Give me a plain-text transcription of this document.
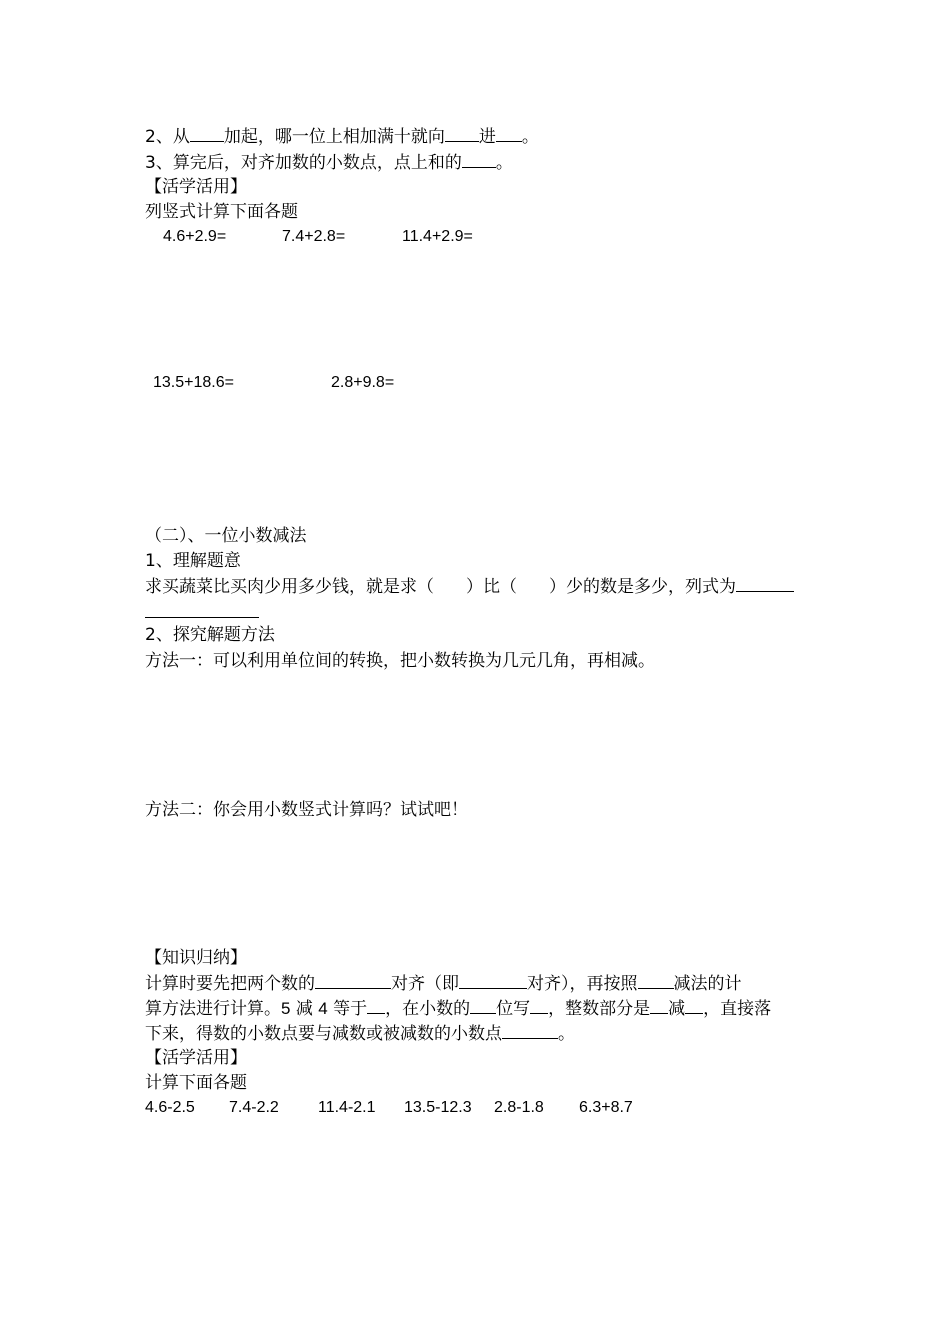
2、从 加起，哪一位上相加满十就向 进 。
3、算完后，对齐加数的小数点，点上和的 。
【活学活用】
列竖式计算下面各题
4.6+2.9=	7.4+2.8=	11.4+2.9=
13.5+18.6=	2.8+9.8=
（二）、一位小数减法
1、理解题意
求买蔬菜比买肉少用多少钱，就是求（ ）比（ ）少的数是多少，列式为
2、探究解题方法
方法一：可以利用单位间的转换，把小数转换为几元几角，再相减。
方法二：你会用小数竖式计算吗？试试吧！
【知识归纳】
计算时要先把两个数的	对齐（即	对齐），再按照 减法的计
算方法进行计算。5 减 4 等于 ，在小数的 位写 ，整数部分是 减 ，直接落
下来，得数的小数点要与减数或被减数的小数点	。
【活学活用】
计算下面各题
4.6-2.5 7.4-2.2 11.4-2.1 13.5-12.3 2.8-1.8 6.3+8.7
